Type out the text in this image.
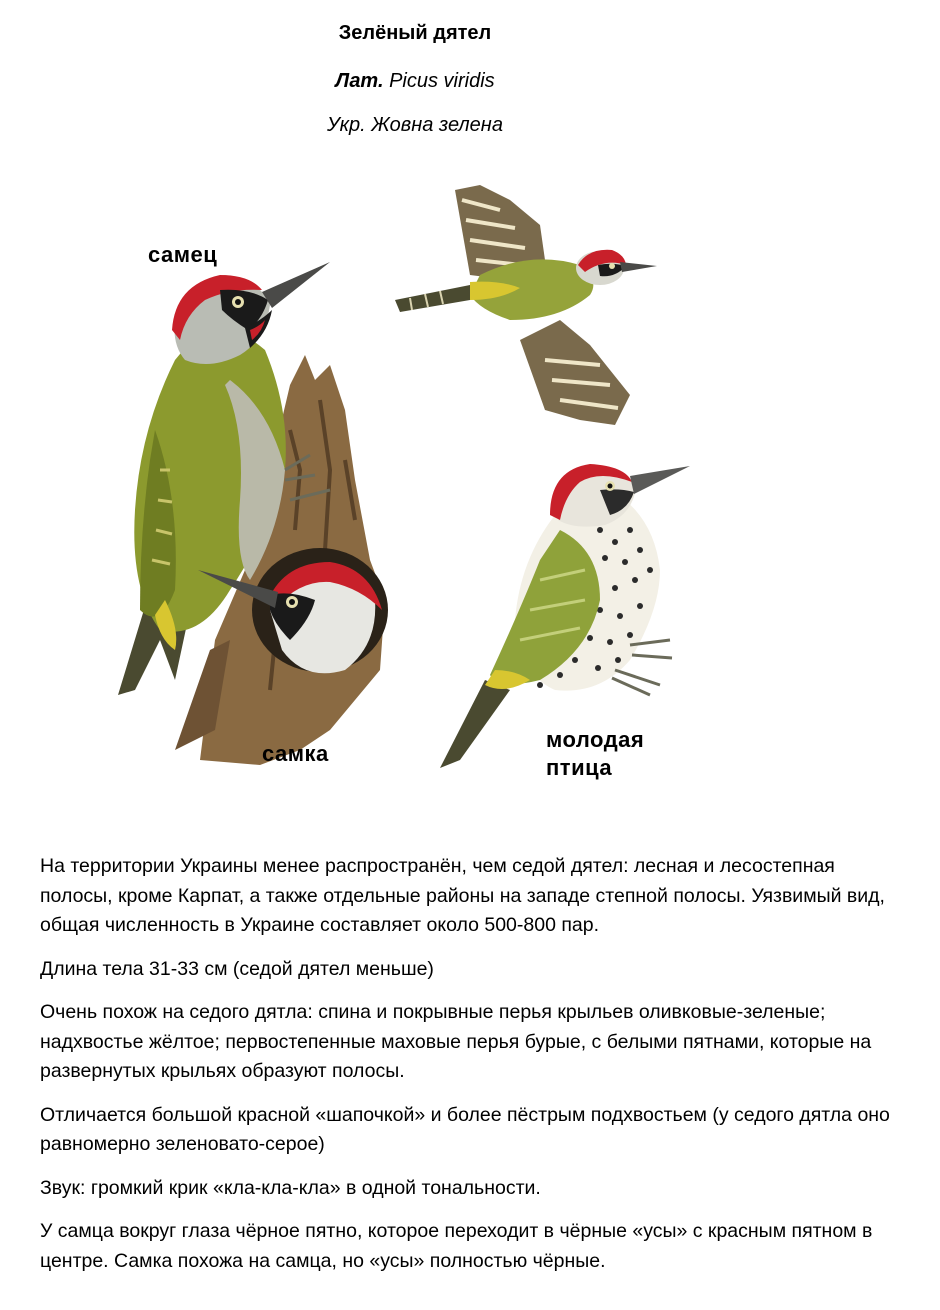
Зелёный дятел
Лат. Picus viridis
Укр. Жовна зелена
самец
самка
молодая
птица

На территории Украины менее распространён, чем седой дятел: лесная и лесостепная полосы, кроме Карпат, а также отдельные районы на западе степной полосы. Уязвимый вид, общая численность в Украине составляет около 500-800 пар.

Длина тела 31-33 см (седой дятел меньше)

Очень похож на седого дятла: спина и покрывные перья крыльев оливковые-зеленые; надхвостье жёлтое; первостепенные маховые перья бурые, с белыми пятнами, которые на развернутых крыльях образуют полосы.

Отличается большой красной «шапочкой» и более пёстрым подхвостьем (у седого дятла оно равномерно зеленовато-серое)

Звук: громкий крик «кла-кла-кла» в одной тональности.

У самца вокруг глаза чёрное пятно, которое переходит в чёрные «усы» с красным пятном в центре. Самка похожа на самца, но «усы» полностью чёрные.
